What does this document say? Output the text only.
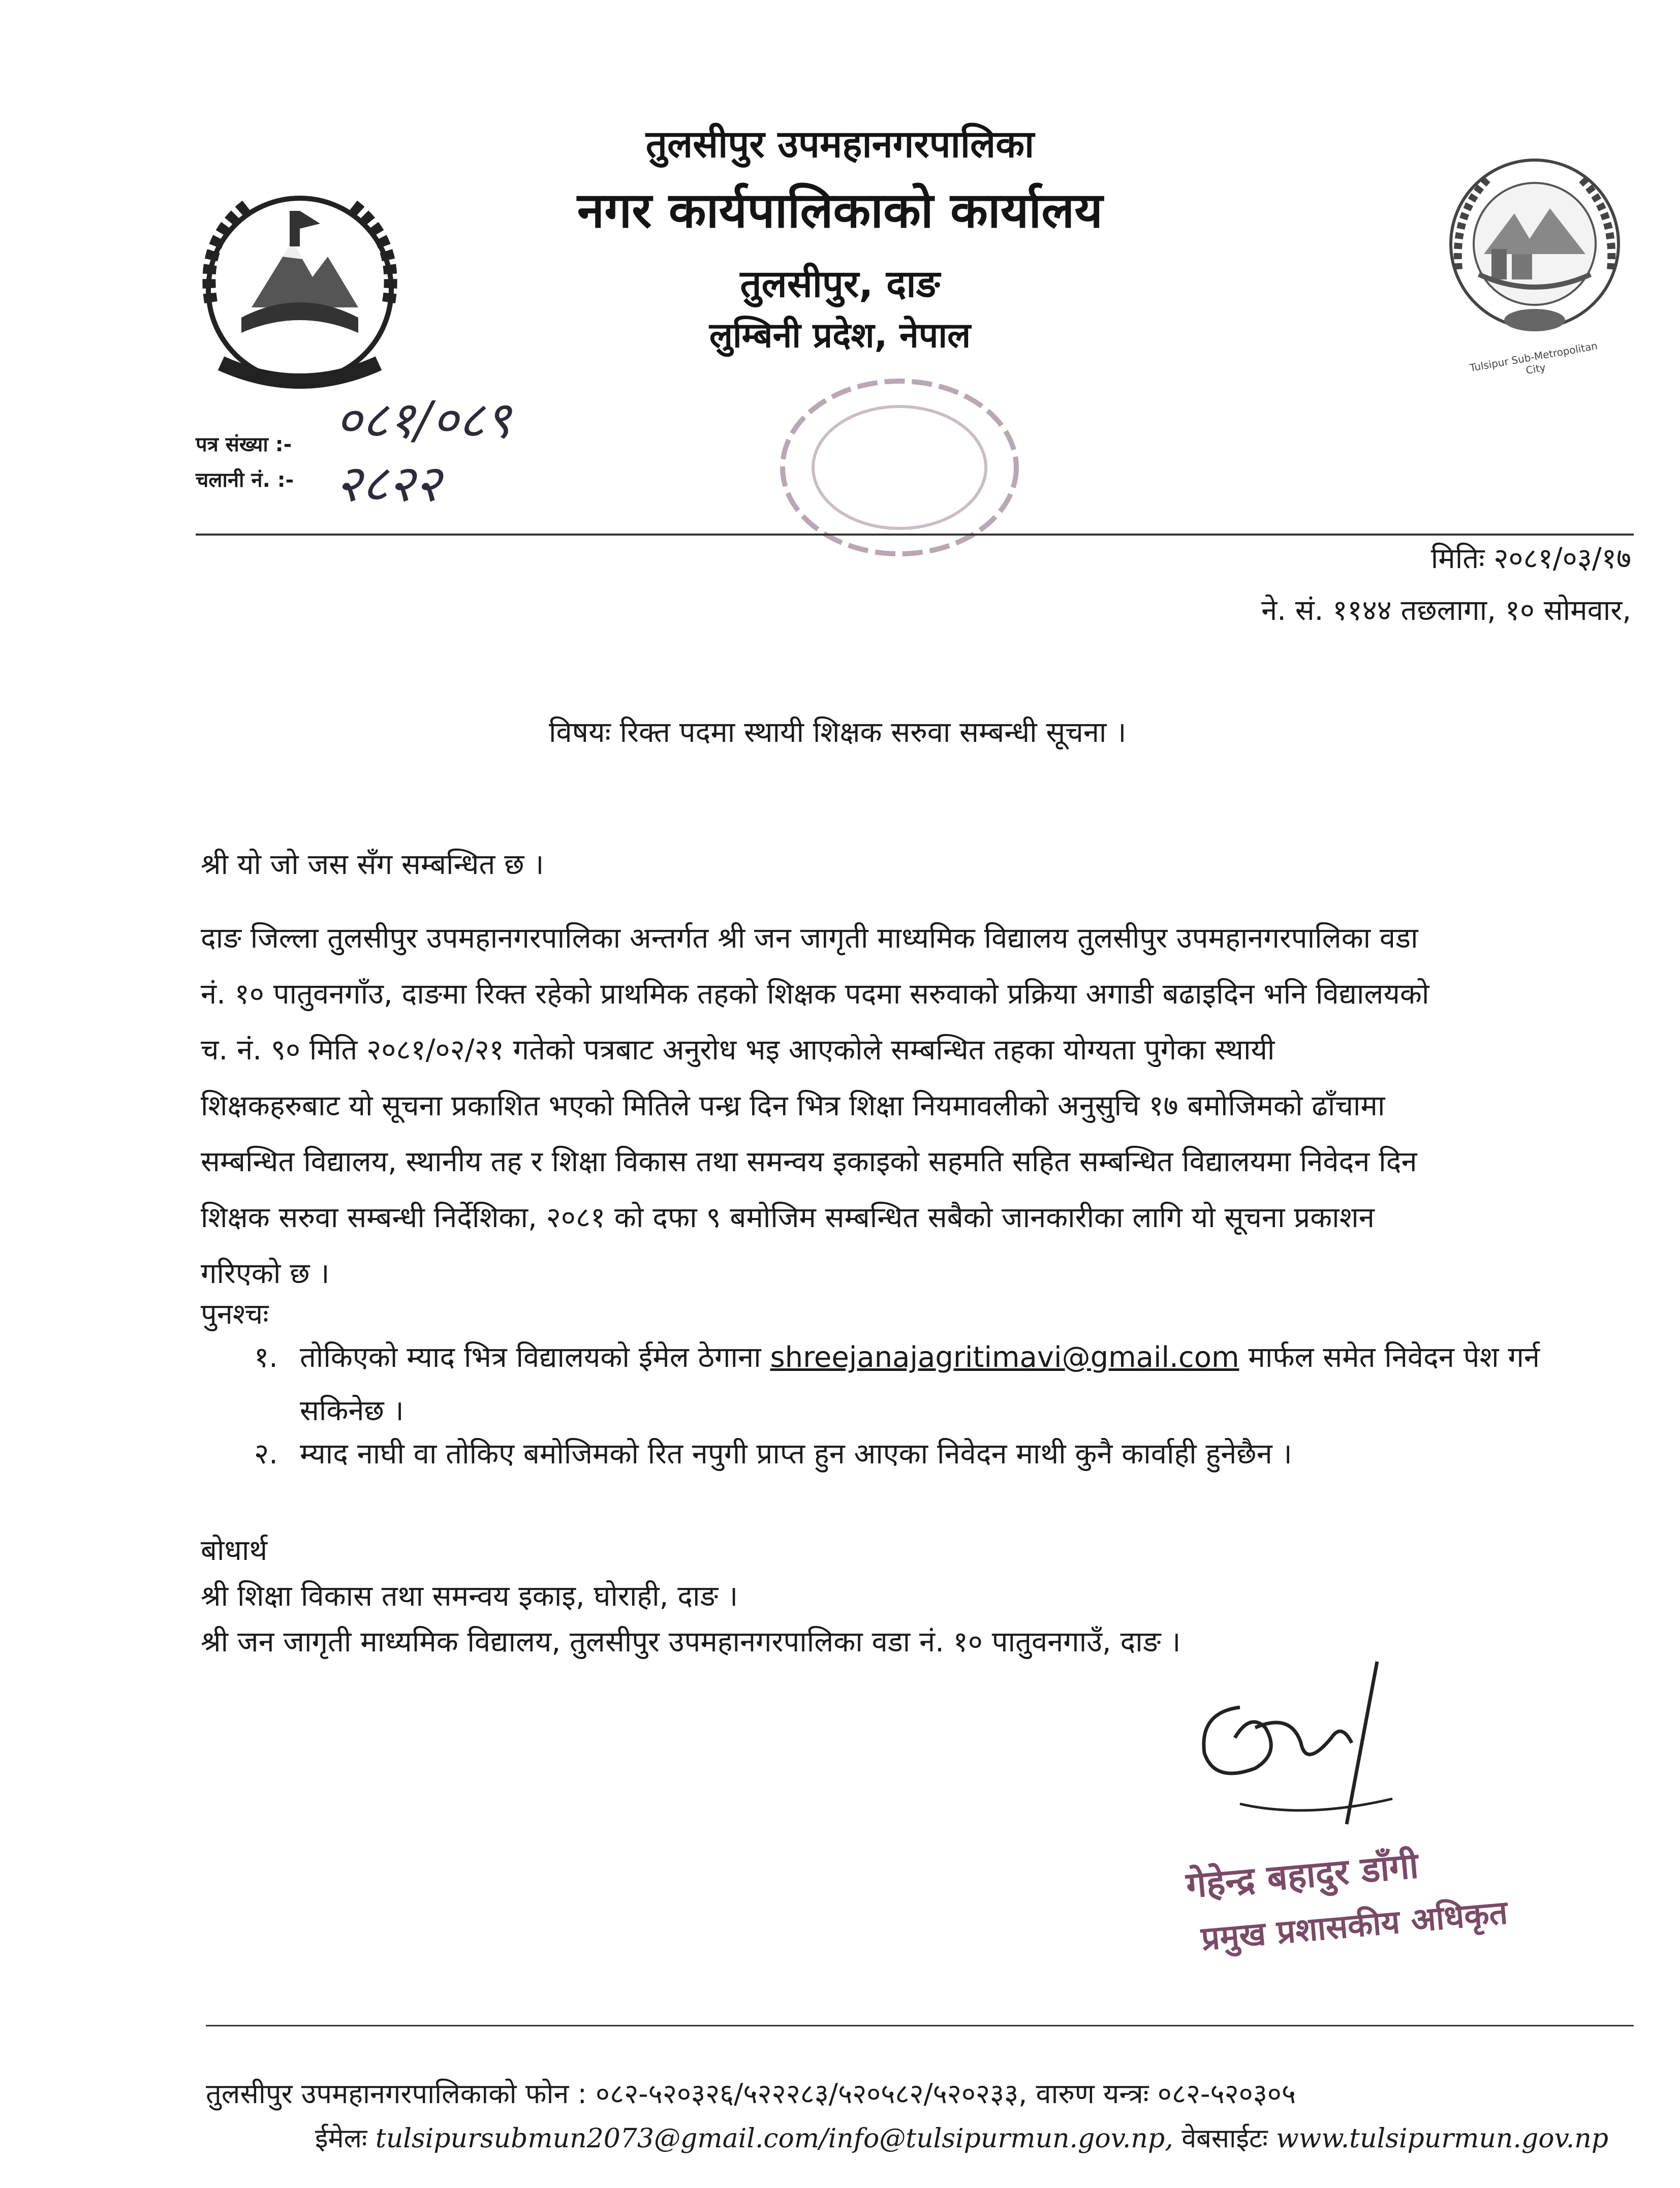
Tulsipur Sub-Metropolitan City
तुलसीपुर उपमहानगरपालिका
नगर कार्यपालिकाको कार्यालय
तुलसीपुर, दाङ
लुम्बिनी प्रदेश, नेपाल
पत्र संख्या :- ०८१/०८९
चलानी नं. :- २८२२
मितिः २०८१/०३/१७
ने. सं. ११४४ तछलागा, १० सोमवार,
विषयः रिक्त पदमा स्थायी शिक्षक सरुवा सम्बन्धी सूचना ।
श्री यो जो जस सँग सम्बन्धित छ ।
दाङ जिल्ला तुलसीपुर उपमहानगरपालिका अन्तर्गत श्री जन जागृती माध्यमिक विद्यालय तुलसीपुर उपमहानगरपालिका वडा
नं. १० पातुवनगाँउ, दाङमा रिक्त रहेको प्राथमिक तहको शिक्षक पदमा सरुवाको प्रक्रिया अगाडी बढाइदिन भनि विद्यालयको
च. नं. ९० मिति २०८१/०२/२१ गतेको पत्रबाट अनुरोध भइ आएकोले सम्बन्धित तहका योग्यता पुगेका स्थायी
शिक्षकहरुबाट यो सूचना प्रकाशित भएको मितिले पन्ध्र दिन भित्र शिक्षा नियमावलीको अनुसुचि १७ बमोजिमको ढाँचामा
सम्बन्धित विद्यालय, स्थानीय तह र शिक्षा विकास तथा समन्वय इकाइको सहमति सहित सम्बन्धित विद्यालयमा निवेदन दिन
शिक्षक सरुवा सम्बन्धी निर्देशिका, २०८१ को दफा ९ बमोजिम सम्बन्धित सबैको जानकारीका लागि यो सूचना प्रकाशन
गरिएको छ ।
पुनश्चः
१. तोकिएको म्याद भित्र विद्यालयको ईमेल ठेगाना shreejanajagritimavi@gmail.com मार्फल समेत निवेदन पेश गर्न
सकिनेछ ।
२. म्याद नाघी वा तोकिए बमोजिमको रित नपुगी प्राप्त हुन आएका निवेदन माथी कुनै कार्वाही हुनेछैन ।
बोधार्थ
श्री शिक्षा विकास तथा समन्वय इकाइ, घोराही, दाङ ।
श्री जन जागृती माध्यमिक विद्यालय, तुलसीपुर उपमहानगरपालिका वडा नं. १० पातुवनगाउँ, दाङ ।
गेहेन्द्र बहादुर डाँगी
प्रमुख प्रशासकीय अधिकृत
तुलसीपुर उपमहानगरपालिकाको फोन : ०८२-५२०३२६/५२२२८३/५२०५८२/५२०२३३, वारुण यन्त्रः ०८२-५२०३०५
ईमेलः tulsipursubmun2073@gmail.com/info@tulsipurmun.gov.np, वेबसाईटः www.tulsipurmun.gov.np
